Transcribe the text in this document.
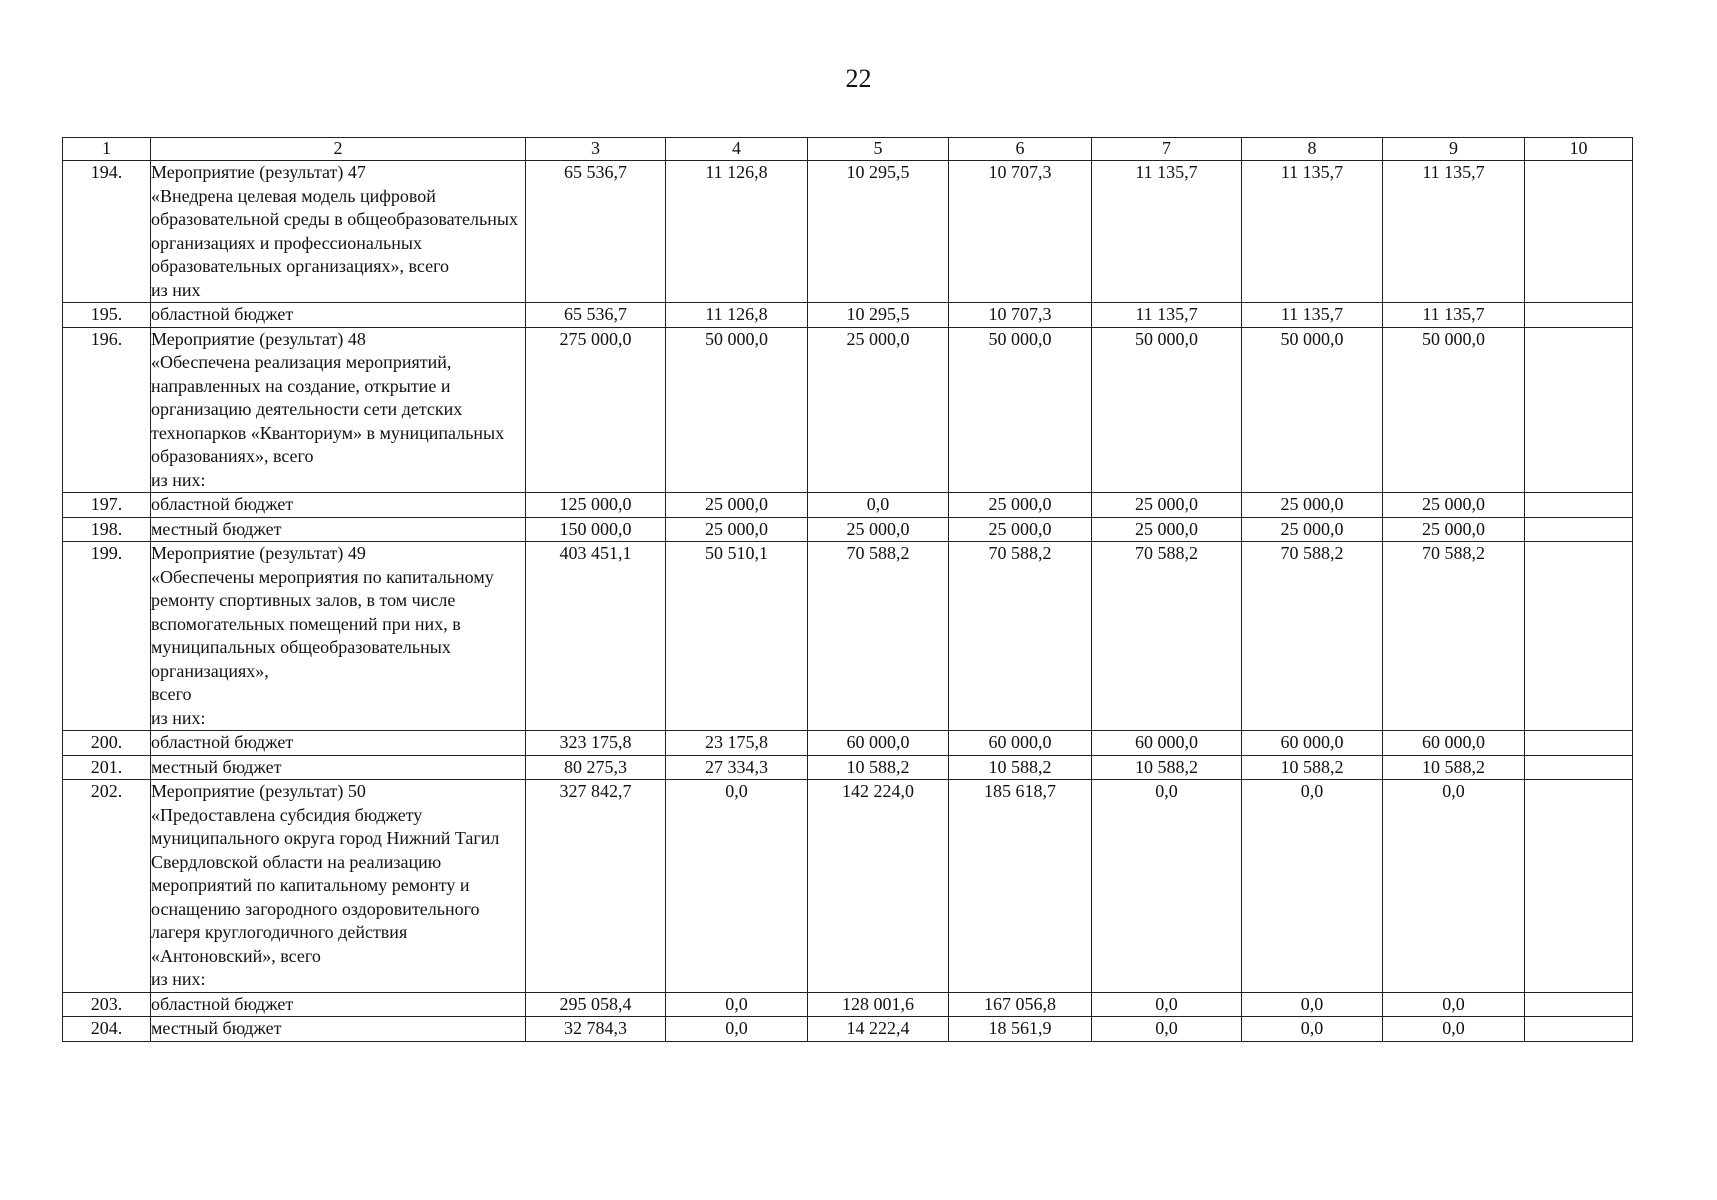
22
1	2	3	4	5	6	7	8	9	10
194.	Мероприятие (результат) 47
«Внедрена целевая модель цифровой образовательной среды в общеобразовательных организациях и профессиональных образовательных организациях», всего
из них	65 536,7	11 126,8	10 295,5	10 707,3	11 135,7	11 135,7	11 135,7	
195.	областной бюджет	65 536,7	11 126,8	10 295,5	10 707,3	11 135,7	11 135,7	11 135,7	
196.	Мероприятие (результат) 48
«Обеспечена реализация мероприятий, направленных на создание, открытие и организацию деятельности сети детских технопарков «Кванториум» в муниципальных образованиях», всего
из них:	275 000,0	50 000,0	25 000,0	50 000,0	50 000,0	50 000,0	50 000,0	
197.	областной бюджет	125 000,0	25 000,0	0,0	25 000,0	25 000,0	25 000,0	25 000,0	
198.	местный бюджет	150 000,0	25 000,0	25 000,0	25 000,0	25 000,0	25 000,0	25 000,0	
199.	Мероприятие (результат) 49
«Обеспечены мероприятия по капитальному ремонту спортивных залов, в том числе вспомогательных помещений при них, в муниципальных общеобразовательных организациях»,
всего
из них:	403 451,1	50 510,1	70 588,2	70 588,2	70 588,2	70 588,2	70 588,2	
200.	областной бюджет	323 175,8	23 175,8	60 000,0	60 000,0	60 000,0	60 000,0	60 000,0	
201.	местный бюджет	80 275,3	27 334,3	10 588,2	10 588,2	10 588,2	10 588,2	10 588,2	
202.	Мероприятие (результат) 50
«Предоставлена субсидия бюджету муниципального округа город Нижний Тагил Свердловской области на реализацию мероприятий по капитальному ремонту и оснащению загородного оздоровительного лагеря круглогодичного действия «Антоновский», всего
из них:	327 842,7	0,0	142 224,0	185 618,7	0,0	0,0	0,0	
203.	областной бюджет	295 058,4	0,0	128 001,6	167 056,8	0,0	0,0	0,0	
204.	местный бюджет	32 784,3	0,0	14 222,4	18 561,9	0,0	0,0	0,0	
